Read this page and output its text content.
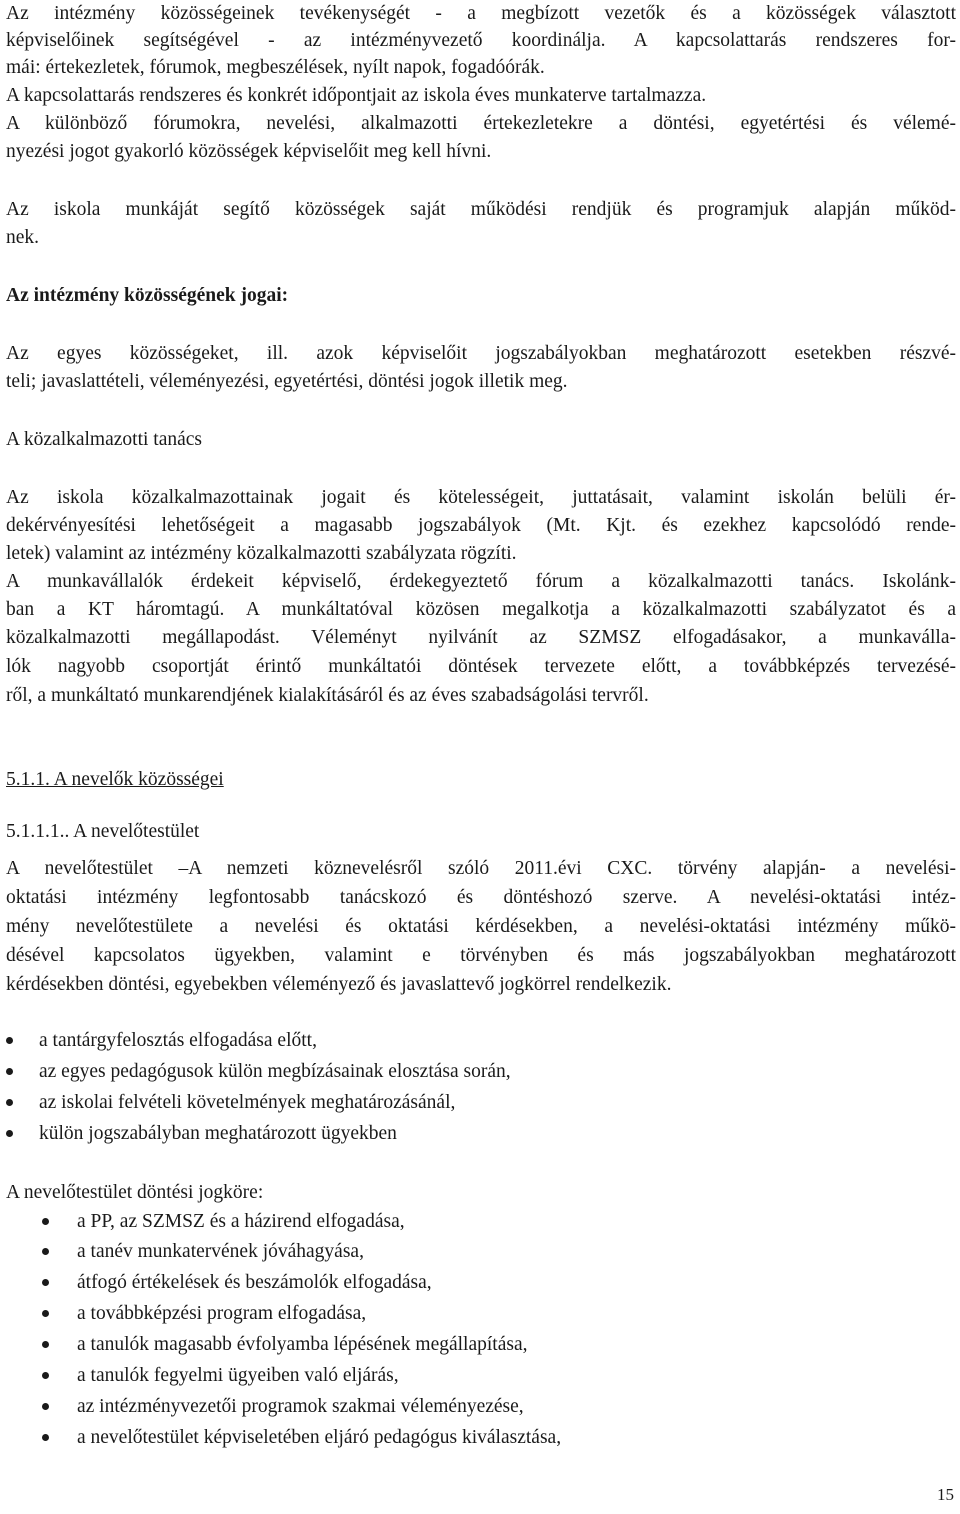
Az intézmény közösségeinek tevékenységét - a megbízott vezetők és a közösségek választott
képviselőinek segítségével - az intézményvezető koordinálja. A kapcsolattarás rendszeres for-
mái: értekezletek, fórumok, megbeszélések, nyílt napok, fogadóórák.
A kapcsolattarás rendszeres és konkrét időpontjait az iskola éves munkaterve tartalmazza.
A különböző fórumokra, nevelési, alkalmazotti értekezletekre a döntési, egyetértési és vélemé-
nyezési jogot gyakorló közösségek képviselőit meg kell hívni.
Az iskola munkáját segítő közösségek saját működési rendjük és programjuk alapján működ-
nek.
Az intézmény közösségének jogai:
Az egyes közösségeket, ill. azok képviselőit jogszabályokban meghatározott esetekben részvé-
teli; javaslattételi, véleményezési, egyetértési, döntési jogok illetik meg.
A közalkalmazotti tanács
Az iskola közalkalmazottainak jogait és kötelességeit, juttatásait, valamint iskolán belüli ér-
dekérvényesítési lehetőségeit a magasabb jogszabályok (Mt. Kjt. és ezekhez kapcsolódó rende-
letek) valamint az intézmény közalkalmazotti szabályzata rögzíti.
A munkavállalók érdekeit képviselő, érdekegyeztető fórum a közalkalmazotti tanács. Iskolánk-
ban a KT háromtagú. A munkáltatóval közösen megalkotja a közalkalmazotti szabályzatot és a
közalkalmazotti megállapodást. Véleményt nyilvánít az SZMSZ elfogadásakor, a munkaválla-
lók nagyobb csoportját érintő munkáltatói döntések tervezete előtt, a továbbképzés tervezésé-
ről, a munkáltató munkarendjének kialakításáról és az éves szabadságolási tervről.
5.1.1. A nevelők közösségei
5.1.1.1.. A nevelőtestület
A nevelőtestület –A nemzeti köznevelésről szóló 2011.évi CXC. törvény alapján- a nevelési-
oktatási intézmény legfontosabb tanácskozó és döntéshozó szerve. A nevelési-oktatási intéz-
mény nevelőtestülete a nevelési és oktatási kérdésekben, a nevelési-oktatási intézmény műkö-
désével kapcsolatos ügyekben, valamint e törvényben és más jogszabályokban meghatározott
kérdésekben döntési, egyebekben véleményező és javaslattevő jogkörrel rendelkezik.
a tantárgyfelosztás elfogadása előtt,
az egyes pedagógusok külön megbízásainak elosztása során,
az iskolai felvételi követelmények meghatározásánál,
külön jogszabályban meghatározott ügyekben
A nevelőtestület döntési jogköre:
a PP, az SZMSZ és a házirend elfogadása,
a tanév munkatervének jóváhagyása,
átfogó értékelések és beszámolók elfogadása,
a továbbképzési program elfogadása,
a tanulók magasabb évfolyamba lépésének megállapítása,
a tanulók fegyelmi ügyeiben való eljárás,
az intézményvezetői programok szakmai véleményezése,
a nevelőtestület képviseletében eljáró pedagógus kiválasztása,
15
